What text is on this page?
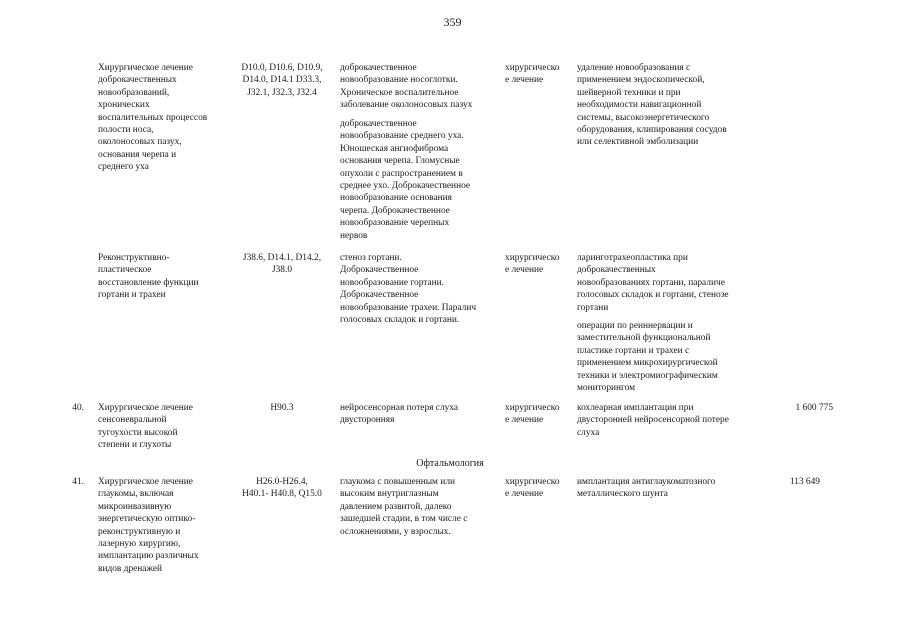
359
Хирургическое лечение
доброкачественных
новообразований,
хронических
воспалительных процессов
полости носа,
околоносовых пазух,
основания черепа и
среднего уха
D10.0, D10.6, D10.9,
D14.0, D14.1 D33.3,
J32.1, J32.3, J32.4
доброкачественное
новообразование носоглотки.
Хроническое воспалительное
заболевание околоносовых пазух
доброкачественное
новообразование среднего уха.
Юношеская ангиофиброма
основания черепа. Гломусные
опухоли с распространением в
среднее ухо. Доброкачественное
новообразование основания
черепа. Доброкачественное
новообразование черепных
нервов
хирургическо
е лечение
удаление новообразования с
применением эндоскопической,
шейверной техники и при
необходимости навигационной
системы, высокоэнергетического
оборудования, клипирования сосудов
или селективной эмболизации
Реконструктивно-
пластическое
восстановление функции
гортани и трахеи
J38.6, D14.1, D14.2,
J38.0
стеноз гортани.
Доброкачественное
новообразование гортани.
Доброкачественное
новообразование трахеи. Паралич
голосовых складок и гортани.
хирургическо
е лечение
ларинготрахеопластика при
доброкачественных
новообразованиях гортани, параличе
голосовых складок и гортани, стенозе
гортани
операции по реиннервации и
заместительной функциональной
пластике гортани и трахеи с
применением микрохирургической
техники и электромиографическим
мониторингом
40. Хирургическое лечение
сенсоневральной
тугоухости высокой
степени и глухоты
H90.3	нейросенсорная потеря слуха
двусторонняя
хирургическо
е лечение
кохлеарная имплантация при
двусторонней нейросенсорной потере
слуха
1 600 775
Офтальмология
41. Хирургическое лечение
глаукомы, включая
микроинвазивную
энергетическую оптико-
реконструктивную и
лазерную хирургию,
имплантацию различных
видов дренажей
H26.0-H26.4,
H40.1- H40.8, Q15.0
глаукома с повышенным или
высоким внутриглазным
давлением развитой, далеко
зашедшей стадии, в том числе с
осложнениями, у взрослых.
хирургическо
е лечение
имплантация антиглаукоматозного
металлического шунта
113 649
